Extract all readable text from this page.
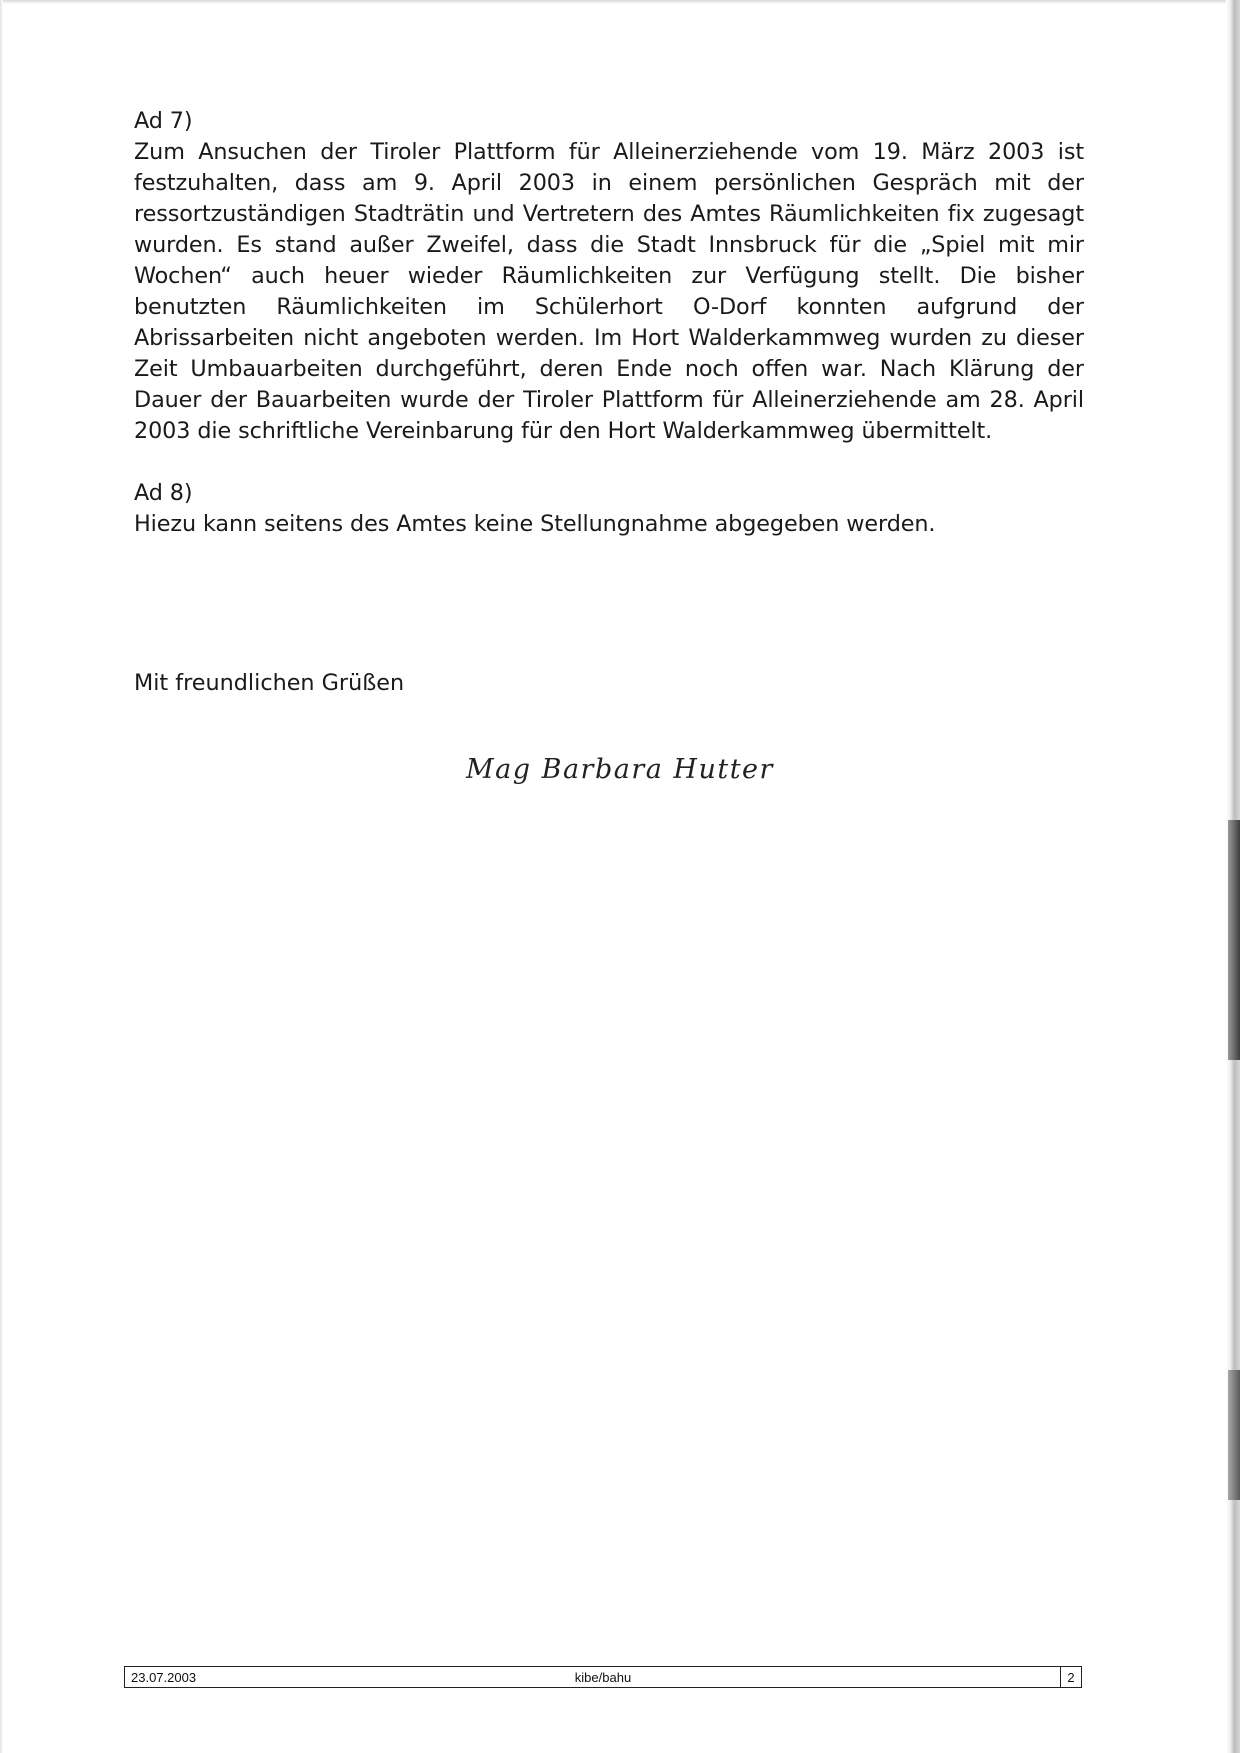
Ad 7)

Zum Ansuchen der Tiroler Plattform für Alleinerziehende vom 19. März 2003 ist festzuhalten, dass am 9. April 2003 in einem persönlichen Gespräch mit der ressortzuständigen Stadträtin und Vertretern des Amtes Räumlichkeiten fix zugesagt wurden. Es stand außer Zweifel, dass die Stadt Innsbruck für die „Spiel mit mir Wochen“ auch heuer wieder Räumlichkeiten zur Verfügung stellt. Die bisher benutzten Räumlichkeiten im Schülerhort O-Dorf konnten aufgrund der Abrissarbeiten nicht angeboten werden. Im Hort Walderkammweg wurden zu dieser Zeit Umbauarbeiten durchgeführt, deren Ende noch offen war. Nach Klärung der Dauer der Bauarbeiten wurde der Tiroler Plattform für Alleinerziehende am 28. April 2003 die schriftliche Vereinbarung für den Hort Walderkammweg übermittelt.

Ad 8)

Hiezu kann seitens des Amtes keine Stellungnahme abgegeben werden.

Mit freundlichen Grüßen
Mag Barbara Hutter
23.07.2003	kibe/bahu	2
